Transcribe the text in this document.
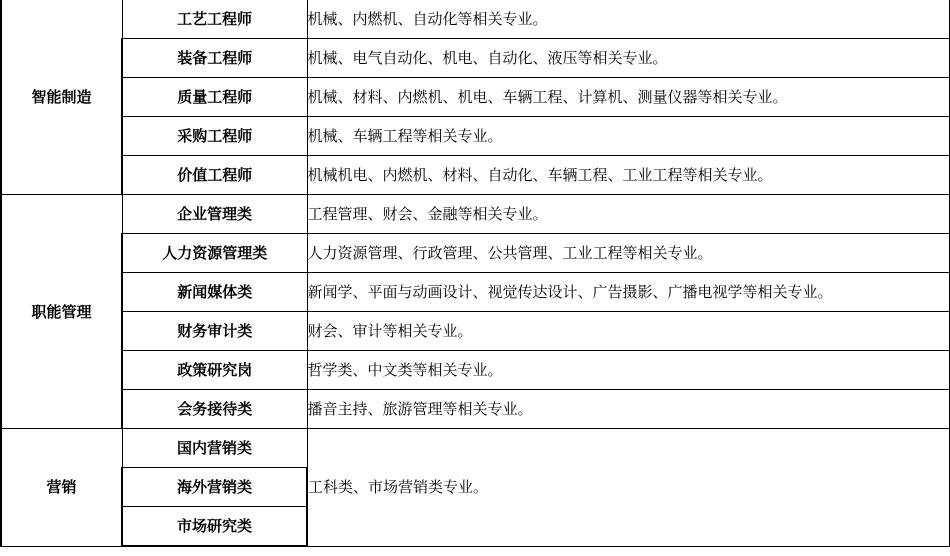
智能制造	工艺工程师	机械、内燃机、自动化等相关专业。
	装备工程师	机械、电气自动化、机电、自动化、液压等相关专业。
	质量工程师	机械、材料、内燃机、机电、车辆工程、计算机、测量仪器等相关专业。
	采购工程师	机械、车辆工程等相关专业。
	价值工程师	机械机电、内燃机、材料、自动化、车辆工程、工业工程等相关专业。
职能管理	企业管理类	工程管理、财会、金融等相关专业。
	人力资源管理类	人力资源管理、行政管理、公共管理、工业工程等相关专业。
	新闻媒体类	新闻学、平面与动画设计、视觉传达设计、广告摄影、广播电视学等相关专业。
	财务审计类	财会、审计等相关专业。
	政策研究岗	哲学类、中文类等相关专业。
	会务接待类	播音主持、旅游管理等相关专业。
营销	国内营销类	工科类、市场营销类专业。
	海外营销类	
	市场研究类	
